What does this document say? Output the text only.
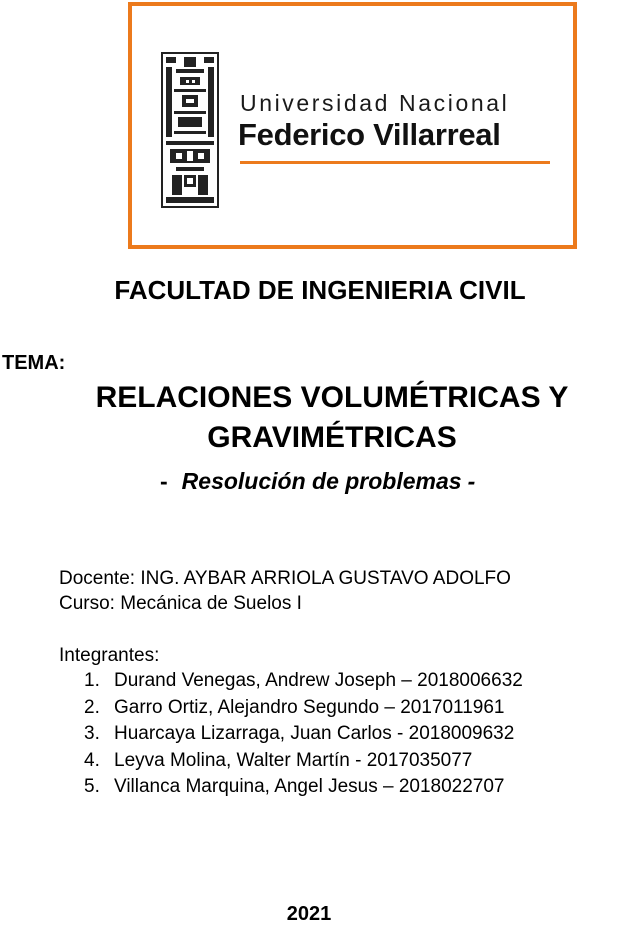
Universidad Nacional
Federico Villarreal
FACULTAD DE INGENIERIA CIVIL
TEMA:
RELACIONES VOLUMÉTRICAS Y
GRAVIMÉTRICAS
- Resolución de problemas -
Docente: ING. AYBAR ARRIOLA GUSTAVO ADOLFO
Curso: Mecánica de Suelos I
Integrantes:
1. Durand Venegas, Andrew Joseph – 2018006632
2. Garro Ortiz, Alejandro Segundo – 2017011961
3. Huarcaya Lizarraga, Juan Carlos - 2018009632
4. Leyva Molina, Walter Martín - 2017035077
5. Villanca Marquina, Angel Jesus – 2018022707
2021
